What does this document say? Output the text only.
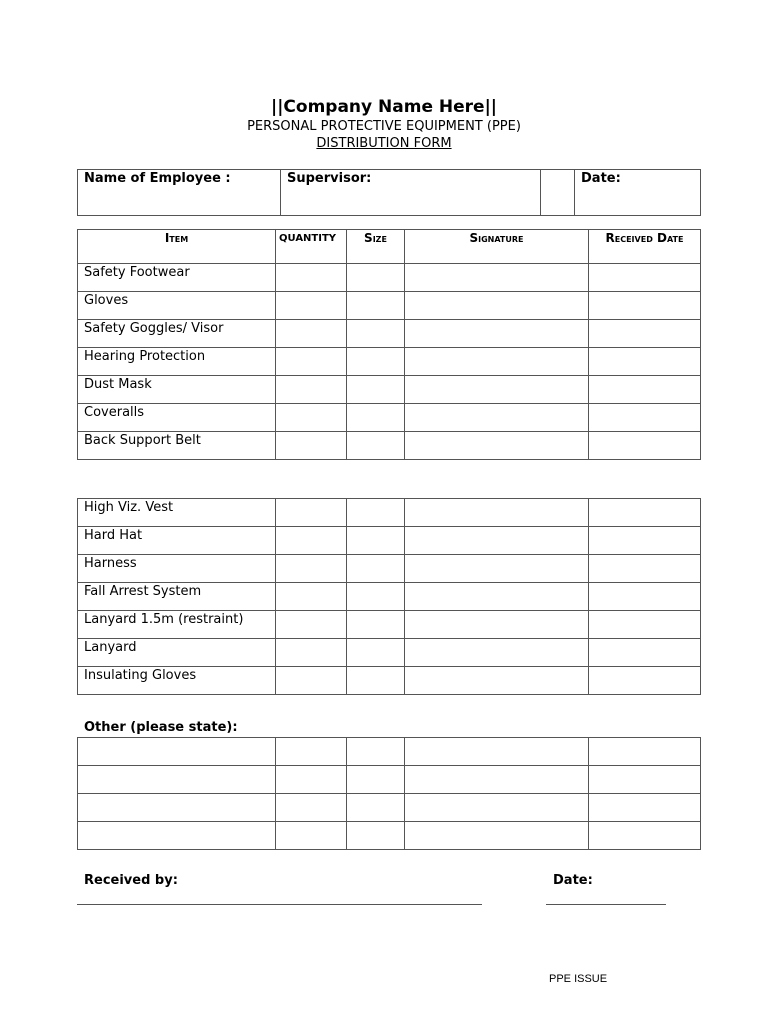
||Company Name Here||
PERSONAL PROTECTIVE EQUIPMENT (PPE)
DISTRIBUTION FORM
Name of Employee :	Supervisor:		Date:
Item	QUANTITY	Size	Signature	Received Date
Safety Footwear				
Gloves				
Safety Goggles/ Visor				
Hearing Protection				
Dust Mask				
Coveralls				
Back Support Belt				
High Viz. Vest				
Hard Hat				
Harness				
Fall Arrest System				
Lanyard 1.5m (restraint)				
Lanyard				
Insulating Gloves				
Other (please state):

Received by:	Date:
PPE ISSUE
